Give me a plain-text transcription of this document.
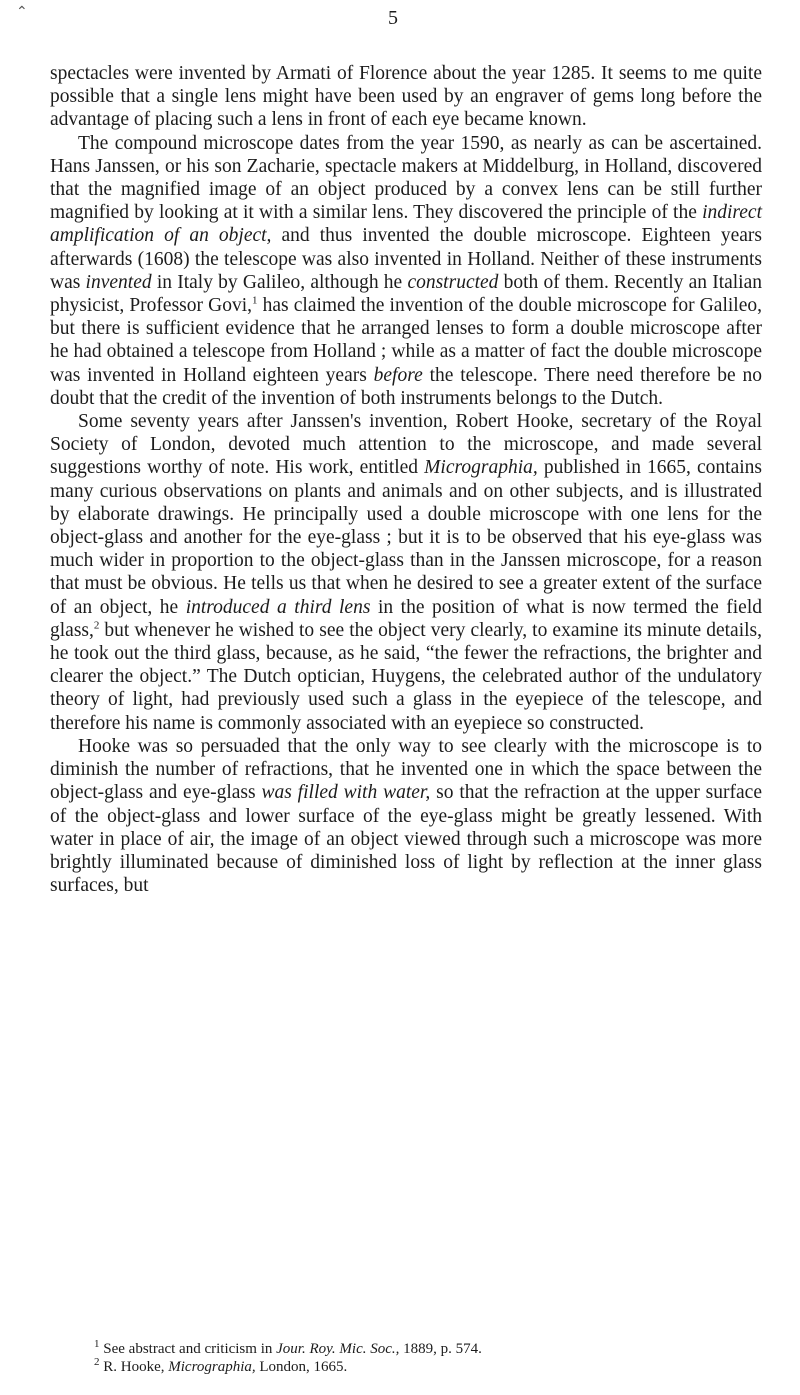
⌃	5

spectacles were invented by Armati of Florence about the year 1285. It seems to me quite possible that a single lens might have been used by an engraver of gems long before the advantage of placing such a lens in front of each eye became known.

The compound microscope dates from the year 1590, as nearly as can be ascertained. Hans Janssen, or his son Zacharie, spectacle makers at Middelburg, in Holland, discovered that the magnified image of an object produced by a convex lens can be still further magnified by looking at it with a similar lens. They discovered the principle of the indirect amplification of an object, and thus invented the double microscope. Eighteen years afterwards (1608) the telescope was also invented in Holland. Neither of these instruments was invented in Italy by Galileo, although he constructed both of them. Recently an Italian physicist, Professor Govi,$^1$ has claimed the invention of the double microscope for Galileo, but there is sufficient evidence that he arranged lenses to form a double microscope after he had obtained a telescope from Holland ; while as a matter of fact the double microscope was invented in Holland eighteen years before the telescope. There need therefore be no doubt that the credit of the invention of both instruments belongs to the Dutch.

Some seventy years after Janssen's invention, Robert Hooke, secretary of the Royal Society of London, devoted much attention to the microscope, and made several suggestions worthy of note. His work, entitled Micrographia, published in 1665, contains many curious observations on plants and animals and on other subjects, and is illustrated by elaborate drawings. He principally used a double microscope with one lens for the object-glass and another for the eye-glass ; but it is to be observed that his eye-glass was much wider in proportion to the object-glass than in the Janssen microscope, for a reason that must be obvious. He tells us that when he desired to see a greater extent of the surface of an object, he introduced a third lens in the position of what is now termed the field glass,$^2$ but whenever he wished to see the object very clearly, to examine its minute details, he took out the third glass, because, as he said, “the fewer the refractions, the brighter and clearer the object.” The Dutch optician, Huygens, the celebrated author of the undulatory theory of light, had previously used such a glass in the eyepiece of the telescope, and therefore his name is commonly associated with an eyepiece so constructed.

Hooke was so persuaded that the only way to see clearly with the microscope is to diminish the number of refractions, that he invented one in which the space between the object-glass and eye-glass was filled with water, so that the refraction at the upper surface of the object-glass and lower surface of the eye-glass might be greatly lessened. With water in place of air, the image of an object viewed through such a microscope was more brightly illuminated because of diminished loss of light by reflection at the inner glass surfaces, but

$^1$ See abstract and criticism in Jour. Roy. Mic. Soc., 1889, p. 574.

$^2$ R. Hooke, Micrographia, London, 1665.
